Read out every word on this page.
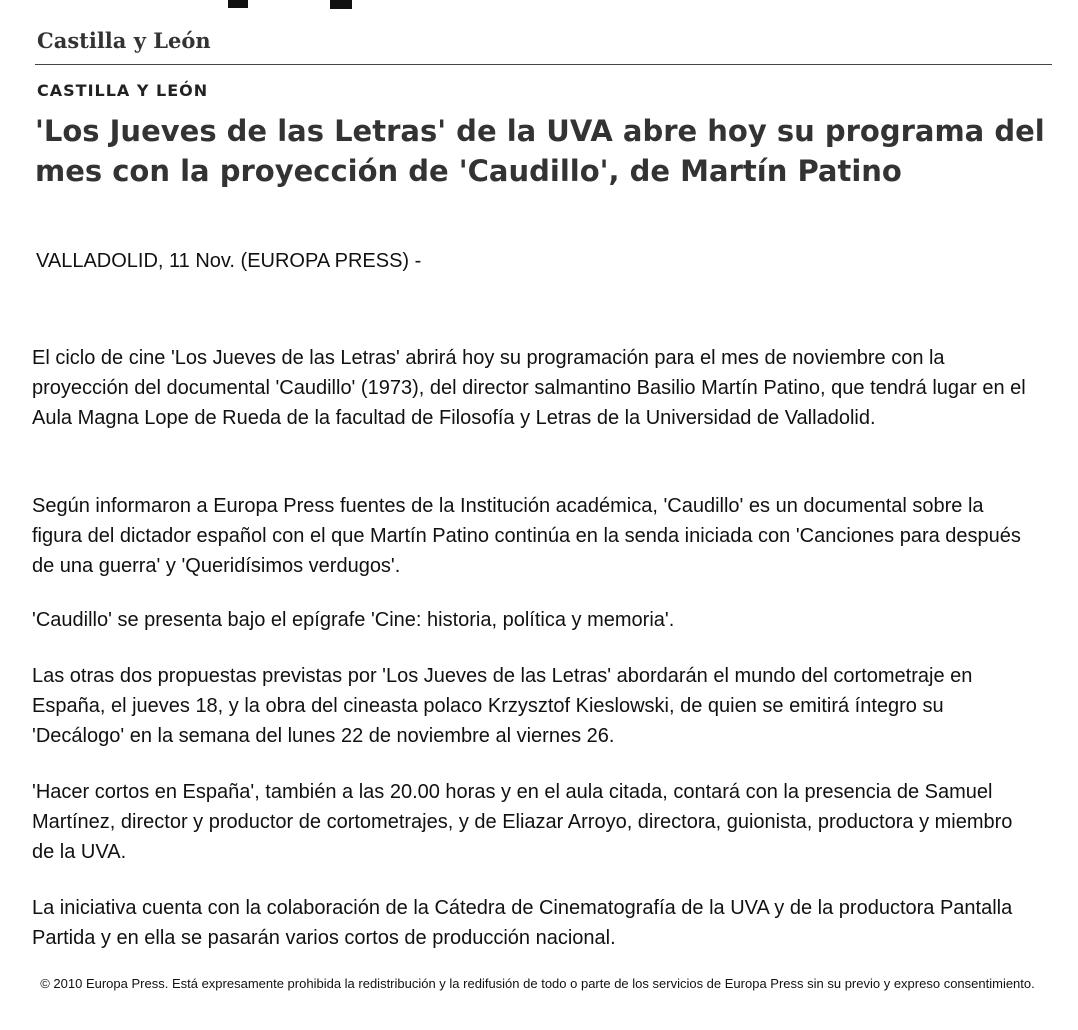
Castilla y León
CASTILLA Y LEÓN
'Los Jueves de las Letras' de la UVA abre hoy su programa del mes con la proyección de 'Caudillo', de Martín Patino
VALLADOLID, 11 Nov. (EUROPA PRESS) -

El ciclo de cine 'Los Jueves de las Letras' abrirá hoy su programación para el mes de noviembre con la proyección del documental 'Caudillo' (1973), del director salmantino Basilio Martín Patino, que tendrá lugar en el Aula Magna Lope de Rueda de la facultad de Filosofía y Letras de la Universidad de Valladolid.

Según informaron a Europa Press fuentes de la Institución académica, 'Caudillo' es un documental sobre la figura del dictador español con el que Martín Patino continúa en la senda iniciada con 'Canciones para después de una guerra' y 'Queridísimos verdugos'.

'Caudillo' se presenta bajo el epígrafe 'Cine: historia, política y memoria'.

Las otras dos propuestas previstas por 'Los Jueves de las Letras' abordarán el mundo del cortometraje en España, el jueves 18, y la obra del cineasta polaco Krzysztof Kieslowski, de quien se emitirá íntegro su 'Decálogo' en la semana del lunes 22 de noviembre al viernes 26.

'Hacer cortos en España', también a las 20.00 horas y en el aula citada, contará con la presencia de Samuel Martínez, director y productor de cortometrajes, y de Eliazar Arroyo, directora, guionista, productora y miembro de la UVA.

La iniciativa cuenta con la colaboración de la Cátedra de Cinematografía de la UVA y de la productora Pantalla Partida y en ella se pasarán varios cortos de producción nacional.

© 2010 Europa Press. Está expresamente prohibida la redistribución y la redifusión de todo o parte de los servicios de Europa Press sin su previo y expreso consentimiento.
